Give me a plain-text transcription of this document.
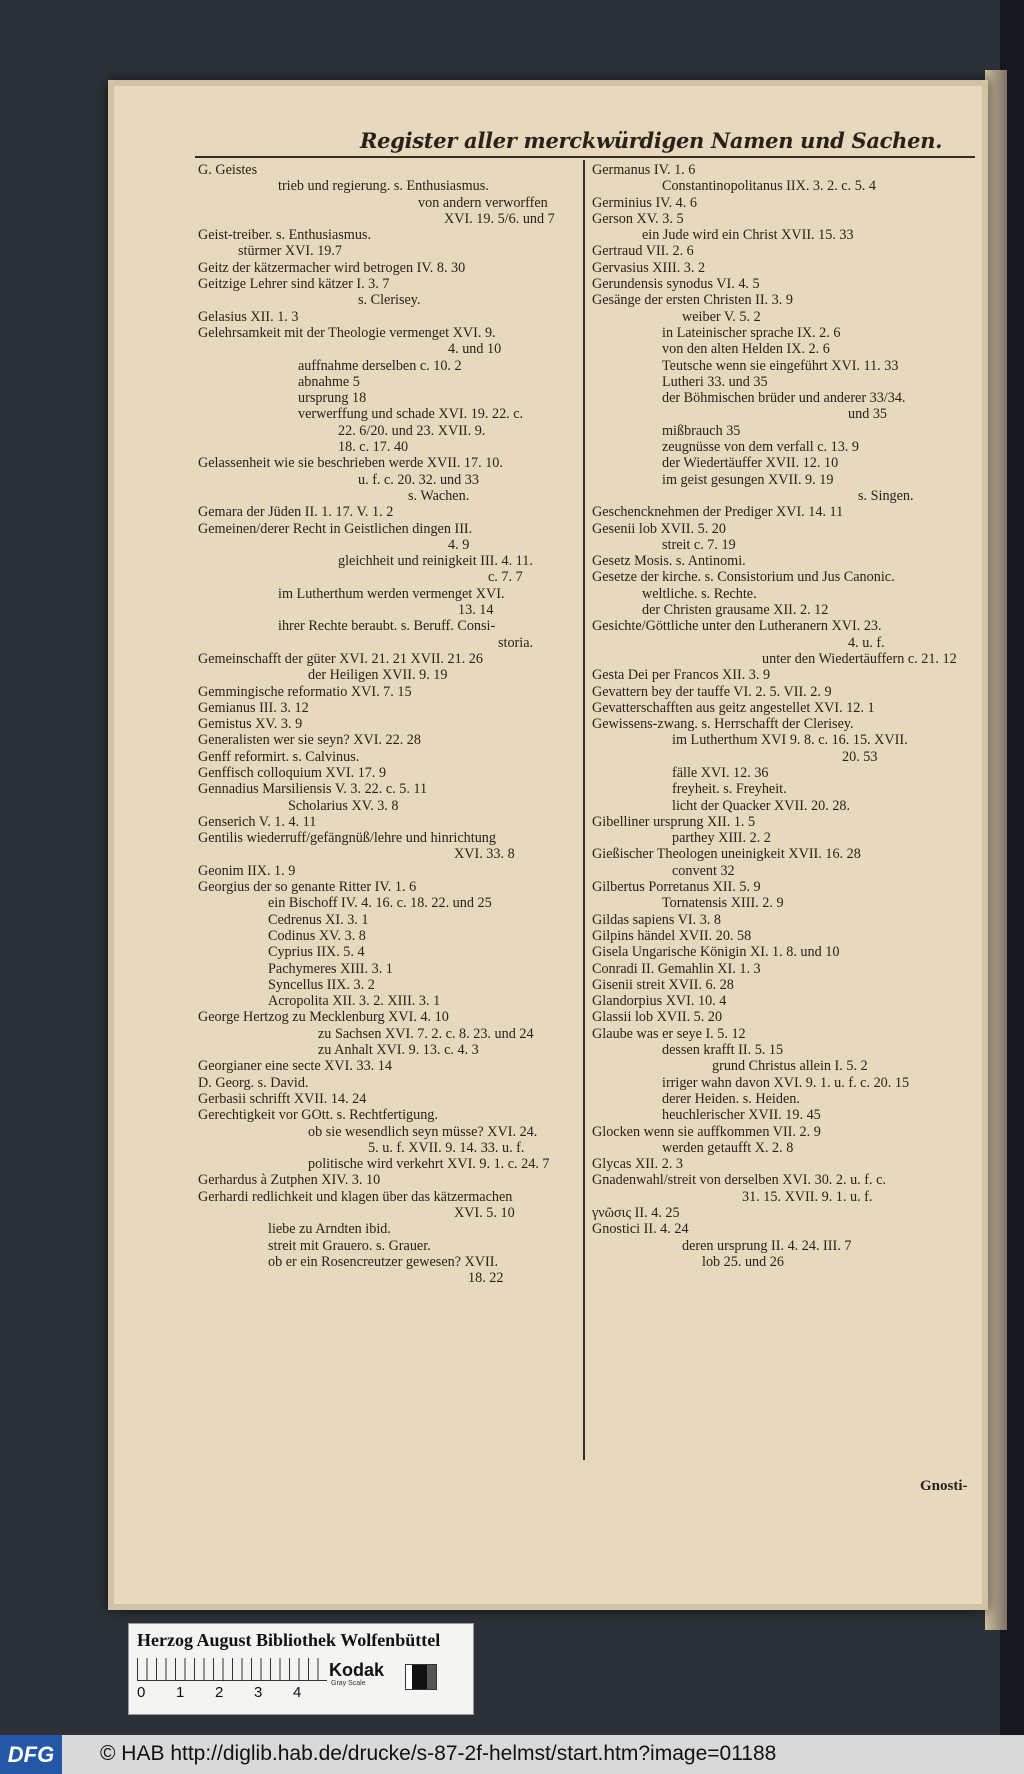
Register aller merckwürdigen Namen und Sachen.
G. Geistes
trieb und regierung. s. Enthusiasmus.
von andern verworffen
XVI. 19. 5/6. und 7
Geist-treiber. s. Enthusiasmus.
stürmer XVI. 19.7
Geitz der kätzermacher wird betrogen IV. 8. 30
Geitzige Lehrer sind kätzer I. 3. 7
s. Clerisey.
Gelasius XII. 1. 3
Gelehrsamkeit mit der Theologie vermenget XVI. 9.
4. und 10
auffnahme derselben c. 10. 2
abnahme 5
ursprung 18
verwerffung und schade XVI. 19. 22. c.
22. 6/20. und 23. XVII. 9.
18. c. 17. 40
Gelassenheit wie sie beschrieben werde XVII. 17. 10.
u. f. c. 20. 32. und 33
s. Wachen.
Gemara der Jüden II. 1. 17. V. 1. 2
Gemeinen/derer Recht in Geistlichen dingen III.
4. 9
gleichheit und reinigkeit III. 4. 11.
c. 7. 7
im Lutherthum werden vermenget XVI.
13. 14
ihrer Rechte beraubt. s. Beruff. Consi-
storia.
Gemeinschafft der güter XVI. 21. 21 XVII. 21. 26
der Heiligen XVII. 9. 19
Gemmingische reformatio XVI. 7. 15
Gemianus III. 3. 12
Gemistus XV. 3. 9
Generalisten wer sie seyn? XVI. 22. 28
Genff reformirt. s. Calvinus.
Genffisch colloquium XVI. 17. 9
Gennadius Marsiliensis V. 3. 22. c. 5. 11
Scholarius XV. 3. 8
Genserich V. 1. 4. 11
Gentilis wiederruff/gefängnüß/lehre und hinrichtung
XVI. 33. 8
Geonim IIX. 1. 9
Georgius der so genante Ritter IV. 1. 6
ein Bischoff IV. 4. 16. c. 18. 22. und 25
Cedrenus XI. 3. 1
Codinus XV. 3. 8
Cyprius IIX. 5. 4
Pachymeres XIII. 3. 1
Syncellus IIX. 3. 2
Acropolita XII. 3. 2. XIII. 3. 1
George Hertzog zu Mecklenburg XVI. 4. 10
zu Sachsen XVI. 7. 2. c. 8. 23. und 24
zu Anhalt XVI. 9. 13. c. 4. 3
Georgianer eine secte XVI. 33. 14
D. Georg. s. David.
Gerbasii schrifft XVII. 14. 24
Gerechtigkeit vor GOtt. s. Rechtfertigung.
ob sie wesendlich seyn müsse? XVI. 24.
5. u. f. XVII. 9. 14. 33. u. f.
politische wird verkehrt XVI. 9. 1. c. 24. 7
Gerhardus à Zutphen XIV. 3. 10
Gerhardi redlichkeit und klagen über das kätzermachen
XVI. 5. 10
liebe zu Arndten ibid.
streit mit Grauero. s. Grauer.
ob er ein Rosencreutzer gewesen? XVII.
18. 22
Germanus IV. 1. 6
Constantinopolitanus IIX. 3. 2. c. 5. 4
Germinius IV. 4. 6
Gerson XV. 3. 5
ein Jude wird ein Christ XVII. 15. 33
Gertraud VII. 2. 6
Gervasius XIII. 3. 2
Gerundensis synodus VI. 4. 5
Gesänge der ersten Christen II. 3. 9
weiber V. 5. 2
in Lateinischer sprache IX. 2. 6
von den alten Helden IX. 2. 6
Teutsche wenn sie eingeführt XVI. 11. 33
Lutheri 33. und 35
der Böhmischen brüder und anderer 33/34.
und 35
mißbrauch 35
zeugnüsse von dem verfall c. 13. 9
der Wiedertäuffer XVII. 12. 10
im geist gesungen XVII. 9. 19
s. Singen.
Geschencknehmen der Prediger XVI. 14. 11
Gesenii lob XVII. 5. 20
streit c. 7. 19
Gesetz Mosis. s. Antinomi.
Gesetze der kirche. s. Consistorium und Jus Canonic.
weltliche. s. Rechte.
der Christen grausame XII. 2. 12
Gesichte/Göttliche unter den Lutheranern XVI. 23.
4. u. f.
unter den Wiedertäuffern c. 21. 12
Gesta Dei per Francos XII. 3. 9
Gevattern bey der tauffe VI. 2. 5. VII. 2. 9
Gevatterschafften aus geitz angestellet XVI. 12. 1
Gewissens-zwang. s. Herrschafft der Clerisey.
im Lutherthum XVI 9. 8. c. 16. 15. XVII.
20. 53
fälle XVI. 12. 36
freyheit. s. Freyheit.
licht der Quacker XVII. 20. 28.
Gibelliner ursprung XII. 1. 5
parthey XIII. 2. 2
Gießischer Theologen uneinigkeit XVII. 16. 28
convent 32
Gilbertus Porretanus XII. 5. 9
Tornatensis XIII. 2. 9
Gildas sapiens VI. 3. 8
Gilpins händel XVII. 20. 58
Gisela Ungarische Königin XI. 1. 8. und 10
Conradi II. Gemahlin XI. 1. 3
Gisenii streit XVII. 6. 28
Glandorpius XVI. 10. 4
Glassii lob XVII. 5. 20
Glaube was er seye I. 5. 12
dessen krafft II. 5. 15
grund Christus allein I. 5. 2
irriger wahn davon XVI. 9. 1. u. f. c. 20. 15
derer Heiden. s. Heiden.
heuchlerischer XVII. 19. 45
Glocken wenn sie auffkommen VII. 2. 9
werden getaufft X. 2. 8
Glycas XII. 2. 3
Gnadenwahl/streit von derselben XVI. 30. 2. u. f. c.
31. 15. XVII. 9. 1. u. f.
γνῶσις II. 4. 25
Gnostici II. 4. 24
deren ursprung II. 4. 24. III. 7
lob 25. und 26
Gnosti-
Herzog August Bibliothek Wolfenbüttel
0 1 2 3 4
Kodak
Gray Scale
DFG	© HAB http://diglib.hab.de/drucke/s-87-2f-helmst/start.htm?image=01188
